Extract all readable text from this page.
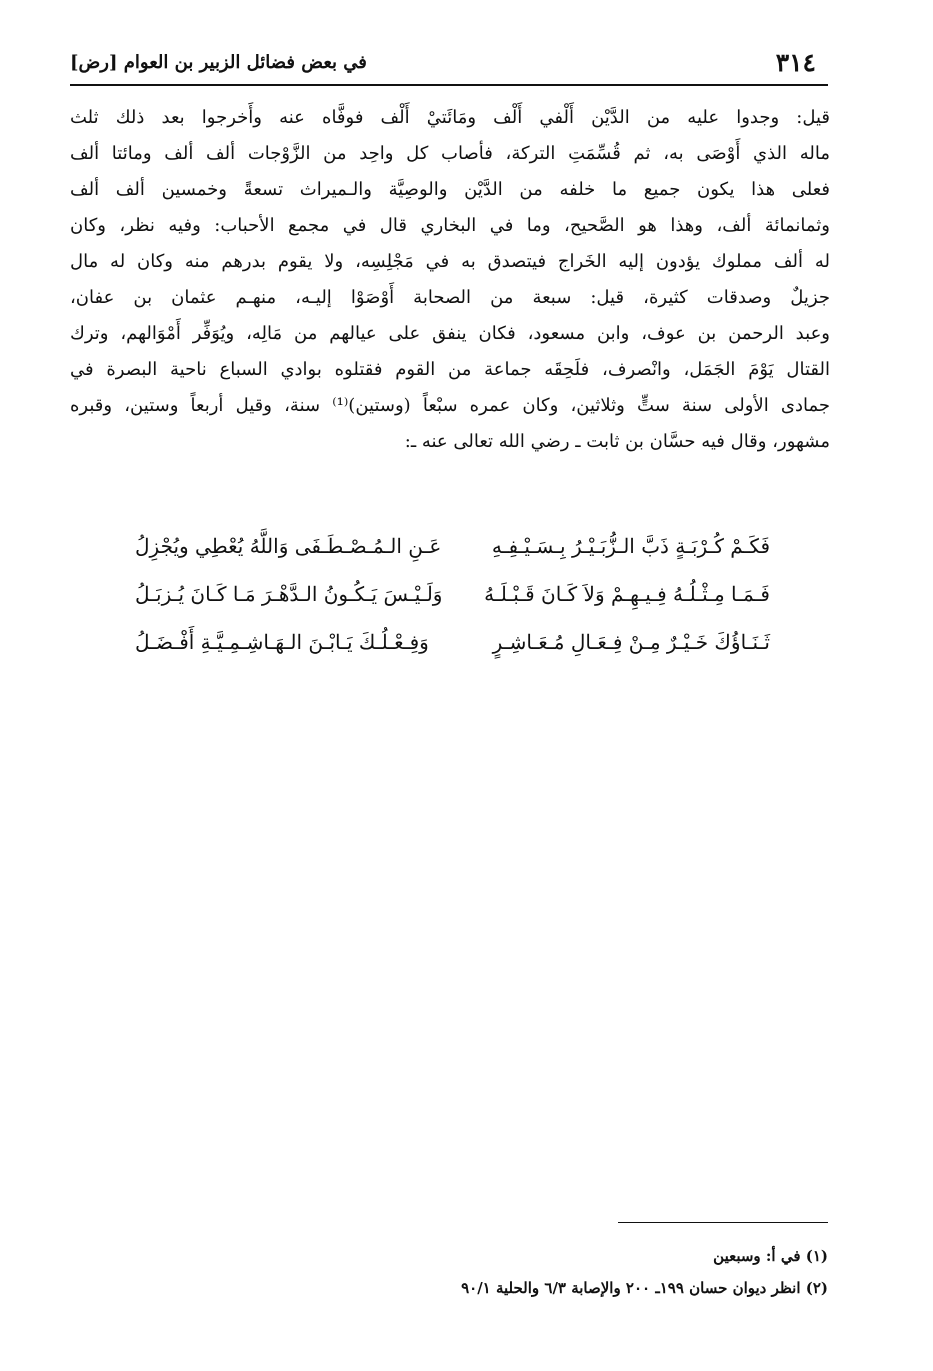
٣١٤
في بعض فضائل الزبير بن العوام [رض]
قيل: وجدوا عليه من الدَّيْن أَلْفي أَلْف ومَائَتيْ أَلْف فوفَّاه عنه وأَخرجوا بعد ذلك ثلث
ماله الذي أَوْصَى به، ثم قُسِّمَتِ التركة، فأصاب كل واحِد من الزَّوْجات ألف ألف ومائتا ألف
فعلى هذا يكون جميع ما خلفه من الدَّيْن والوصِيَّة والـميراث تسعةً وخمسين ألف ألف
وثمانمائة ألف، وهذا هو الصَّحيح، وما في البخاري قال في مجمع الأحباب: وفيه نظر، وكان
له ألف مملوك يؤدون إليه الخَراج فيتصدق به في مَجْلِسِه، ولا يقوم بدرهم منه وكان له مال
جزيلٌ وصدقات كثيرة، قيل: سبعة من الصحابة أَوْصَوْا إليـه، منهـم عثمان بن عفان،
وعبد الرحمن بن عوف، وابن مسعود، فكان ينفق على عيالهم من مَالِه، ويُوَفِّر أَمْوَالهم، وترك
القتال يَوْمَ الجَمَل، وانْصرف، فلَحِقَه جماعة من القوم فقتلوه بوادي السباع ناحية البصرة في
جمادى الأولى سنة ستٍّ وثلاثين، وكان عمره سبْعاً (وستين)⁽¹⁾ سنة، وقيل أربعاً وستين، وقبره
مشهور، وقال فيه حسَّان بن ثابت ـ رضي الله تعالى عنه ـ:
فَكَـمْ كُـرْبَـةٍ ذَبَّ الـزُّبَـيْـرُ بِـسَـيْـفِـهِ
عَـنِ الـمُـصْـطَـفَى وَاللَّهُ يُعْطِي ويُجْزِلُ
فَـمَـا مِـثْـلُـهُ فِـيـهِـمْ وَلاَ كَـانَ قَـبْـلَـهُ
وَلَـيْـسَ يَـكُـونُ الـدَّهْـرَ مَـا كَـانَ يُـزبَـلُ
ثَـنَـاؤُكَ خَـيْـرٌ مِـنْ فِـعَـالِ مُـعَـاشِـرٍ
وَفِـعْـلُـكَ يَـابْـنَ الـهَـاشِـمِـيَّـةِ أَفْـضَـلُ
(١) في أ: وسبعين
(٢) انظر ديوان حسان ١٩٩ـ ٢٠٠ والإصابة ٦/٣ والحلية ٩٠/١
